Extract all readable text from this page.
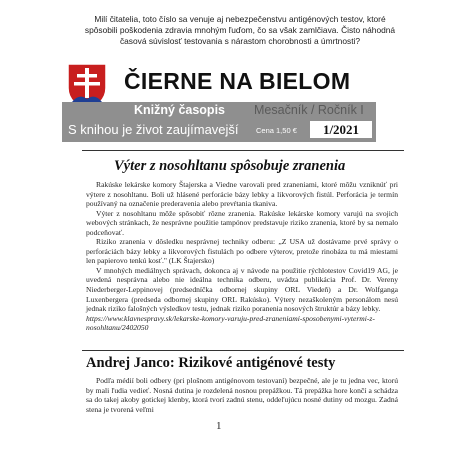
Milí čitatelia, toto číslo sa venuje aj nebezpečenstvu antigénových testov, ktoré spôsobili poškodenia zdravia mnohým ľuďom, čo sa však zamlčiava. Čisto náhodná časová súvislosť testovania s nárastom chorobnosti a úmrtnosti?
ČIERNE NA BIELOM
Knižný časopis Mesačník / Ročník I
S knihou je život zaujímavejší Cena 1,50 €	1/2021
Výter z nosohltanu spôsobuje zranenia

Rakúske lekárske komory Štajerska a Viedne varovali pred zraneniami, ktoré môžu vzniknúť pri výtere z nosohltanu. Boli už hlásené perforácie bázy lebky a likvorových fistúl. Perforácia je termín používaný na označenie prederavenia alebo prevŕtania tkaniva.

Výter z nosohltanu môže spôsobiť rôzne zranenia. Rakúske lekárske komory varujú na svojich webových stránkach, že nesprávne použitie tampónov predstavuje riziko zranenia, ktoré by sa nemalo podceňovať.

Riziko zranenia v dôsledku nesprávnej techniky odberu: „Z USA už dostávame prvé správy o perforáciách bázy lebky a likvorových fistulách po odbere výterov, pretože rinobáza tu má miestami len papierovo tenkú kosť." (LK Štajersko)

V mnohých mediálnych správach, dokonca aj v návode na použitie rýchlotestov Covid19 AG, je uvedená nesprávna alebo nie ideálna technika odberu, uvádza publikácia Prof. Dr. Vereny Niederberger-Leppinovej (predsedníčka odbornej skupiny ORL Viedeň) a Dr. Wolfganga Luxenbergera (predseda odbornej skupiny ORL Rakúsko). Výtery nezaškoleným personálom nesú jednak riziko falošných výsledkov testu, jednak riziko poranenia nosových štruktúr a bázy lebky.

https://www.klavnespravy.sk/lekarske-komory-varuju-pred-zraneniami-sposobenymi-vytermi-z-nosohltanu/2402050

Andrej Janco: Rizikové antigénové testy

Podľa médií boli odbery (pri plošnom antigénovom testovaní) bezpečné, ale je tu jedna vec, ktorú by mali ľudia vedieť. Nosná dutina je rozdelená nosnou prepážkou. Tá prepážka hore končí a schádza sa do takej akoby gotickej klenby, ktorá tvorí zadnú stenu, oddeľujúcu nosné dutiny od mozgu. Zadná stena je tvorená veľmi

1
